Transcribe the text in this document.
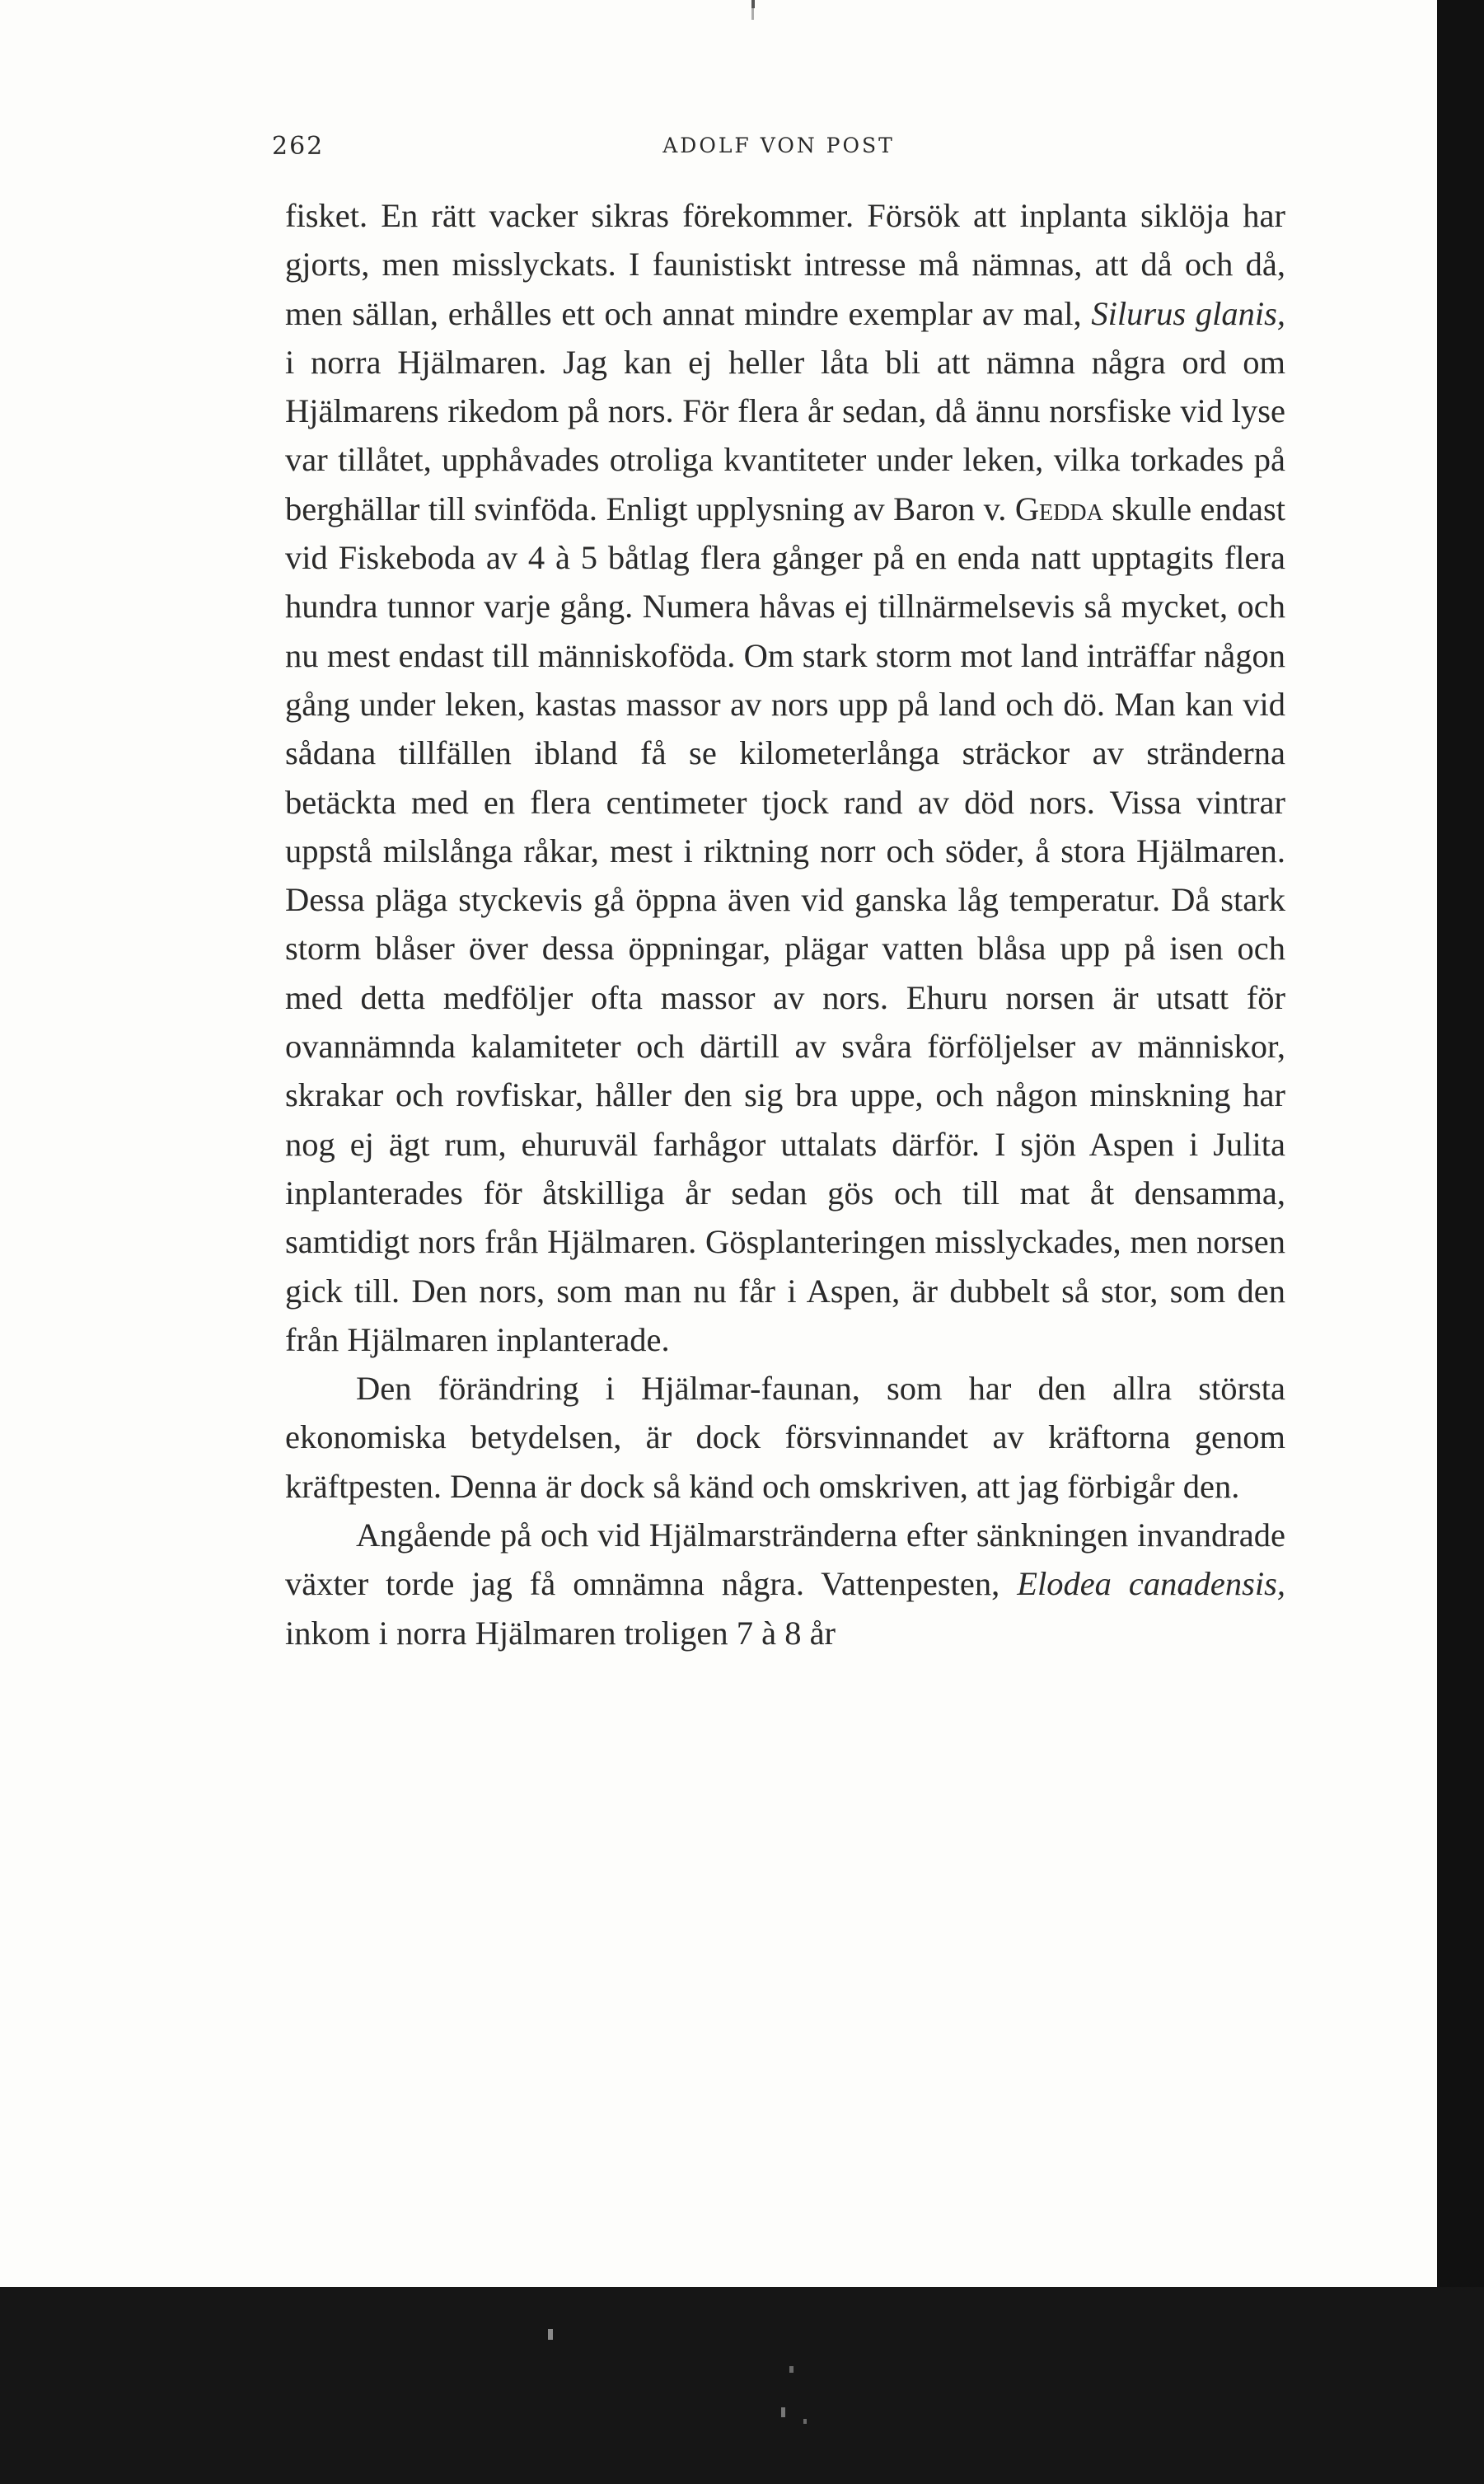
262	ADOLF VON POST

fisket. En rätt vacker sikras förekommer. Försök att inplanta siklöja har gjorts, men misslyckats. I faunistiskt intresse må nämnas, att då och då, men sällan, erhålles ett och annat mindre exemplar av mal, Silurus glanis, i norra Hjälmaren. Jag kan ej heller låta bli att nämna några ord om Hjälmarens rikedom på nors. För flera år sedan, då ännu norsfiske vid lyse var tillåtet, upphåvades otroliga kvantiteter under leken, vilka torkades på berghällar till svinföda. Enligt upplysning av Baron v. Gedda skulle endast vid Fiskeboda av 4 à 5 båtlag flera gånger på en enda natt upptagits flera hundra tunnor varje gång. Numera håvas ej tillnärmelsevis så mycket, och nu mest endast till människoföda. Om stark storm mot land inträffar någon gång under leken, kastas massor av nors upp på land och dö. Man kan vid sådana tillfällen ibland få se kilometerlånga sträckor av stränderna betäckta med en flera centimeter tjock rand av död nors. Vissa vintrar uppstå milslånga råkar, mest i riktning norr och söder, å stora Hjälmaren. Dessa pläga styckevis gå öppna även vid ganska låg temperatur. Då stark storm blåser över dessa öppningar, plägar vatten blåsa upp på isen och med detta medföljer ofta massor av nors. Ehuru norsen är utsatt för ovannämnda kalamiteter och därtill av svåra förföljelser av människor, skrakar och rovfiskar, håller den sig bra uppe, och någon minskning har nog ej ägt rum, ehuruväl farhågor uttalats därför. I sjön Aspen i Julita inplanterades för åtskilliga år sedan gös och till mat åt densamma, samtidigt nors från Hjälmaren. Gösplanteringen misslyckades, men norsen gick till. Den nors, som man nu får i Aspen, är dubbelt så stor, som den från Hjälmaren inplanterade.

Den förändring i Hjälmar-faunan, som har den allra största ekonomiska betydelsen, är dock försvinnandet av kräftorna genom kräftpesten. Denna är dock så känd och omskriven, att jag förbigår den.

Angående på och vid Hjälmarstränderna efter sänkningen invandrade växter torde jag få omnämna några. Vattenpesten, Elodea canadensis, inkom i norra Hjälmaren troligen 7 à 8 år
